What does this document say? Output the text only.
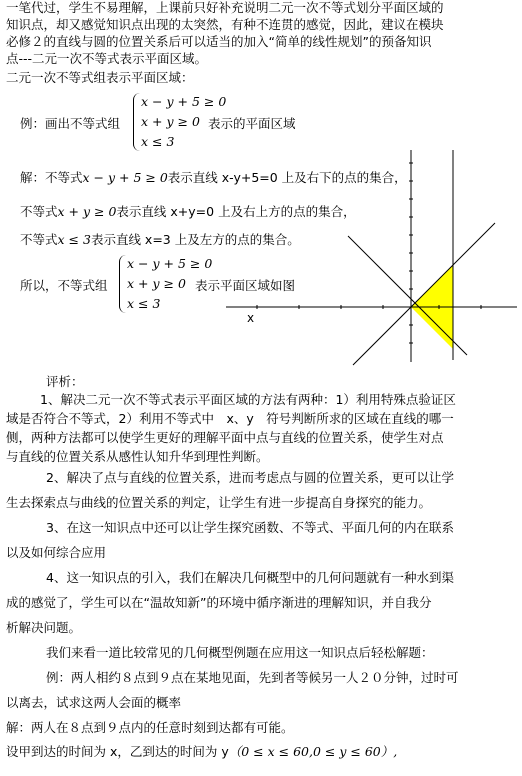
一笔代过，学生不易理解，上课前只好补充说明二元一次不等式划分平面区域的
知识点，却又感觉知识点出现的太突然，有种不连贯的感觉，因此，建议在模块
必修２的直线与圆的位置关系后可以适当的加入“简单的线性规划”的预备知识
点---二元一次不等式表示平面区域。
二元一次不等式组表示平面区域：
例：画出不等式组
x − y + 5 ≥ 0
x + y ≥ 0
x ≤ 3
表示的平面区域
解：不等式x − y + 5 ≥ 0表示直线 x-y+5=0 上及右下的点的集合，
不等式x + y ≥ 0表示直线 x+y=0 上及右上方的点的集合，
不等式x ≤ 3表示直线 x=3 上及左方的点的集合。
所以，不等式组
x − y + 5 ≥ 0
x + y ≥ 0
x ≤ 3
表示平面区域如图
x
评析：
1、解决二元一次不等式表示平面区域的方法有两种：1）利用特殊点验证区
域是否符合不等式，2）利用不等式中　x、y　符号判断所求的区域在直线的哪一
侧，两种方法都可以使学生更好的理解平面中点与直线的位置关系，使学生对点
与直线的位置关系从感性认知升华到理性判断。
2、解决了点与直线的位置关系，进而考虑点与圆的位置关系，更可以让学
生去探索点与曲线的位置关系的判定，让学生有进一步提高自身探究的能力。
3、在这一知识点中还可以让学生探究函数、不等式、平面几何的内在联系
以及如何综合应用
4、这一知识点的引入，我们在解决几何概型中的几何问题就有一种水到渠
成的感觉了，学生可以在“温故知新”的环境中循序渐进的理解知识，并自我分
析解决问题。
我们来看一道比较常见的几何概型例题在应用这一知识点后轻松解题：
例：两人相约８点到９点在某地见面，先到者等候另一人２０分钟，过时可
以离去，试求这两人会面的概率
解：两人在８点到９点内的任意时刻到达都有可能。
设甲到达的时间为 x，乙到达的时间为 y（0 ≤ x ≤ 60,0 ≤ y ≤ 60）,
